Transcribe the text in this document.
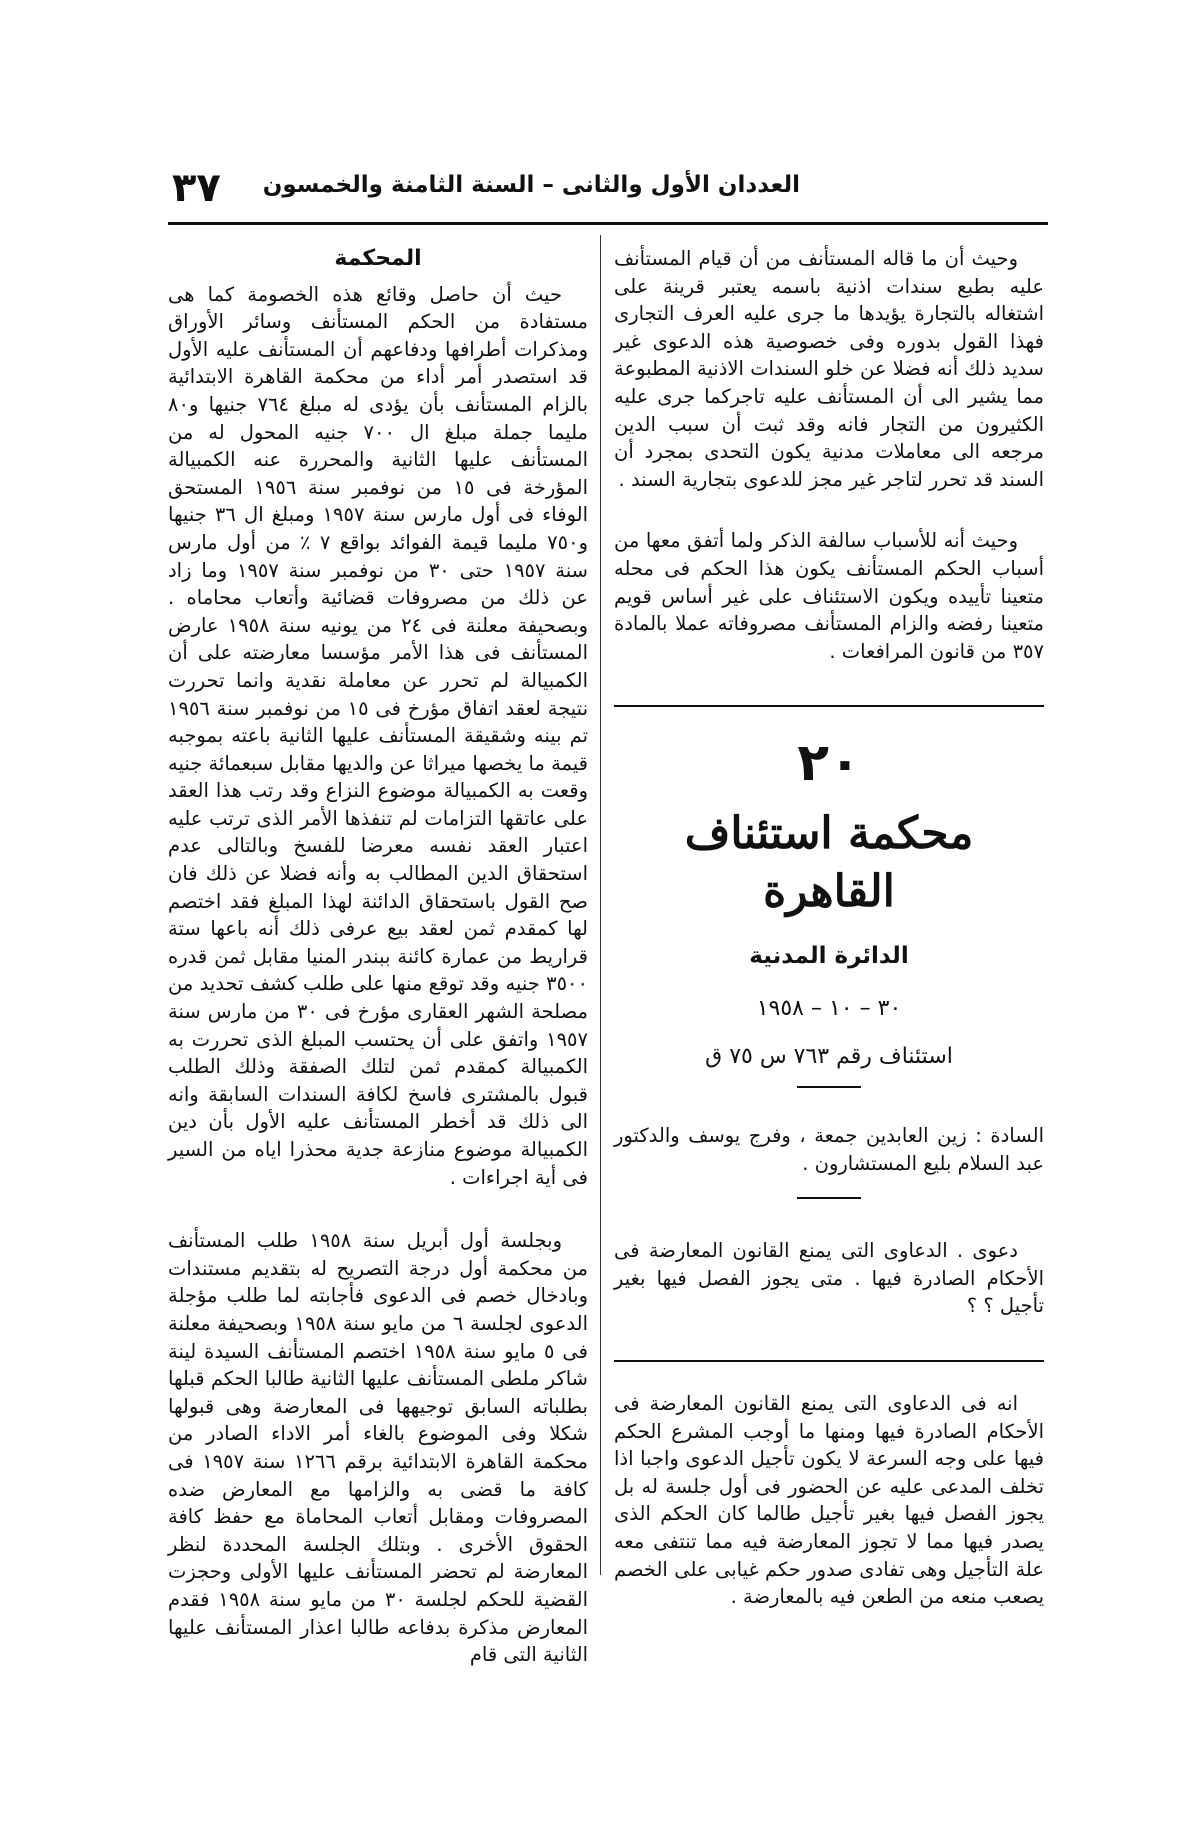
٣٧ العددان الأول والثانى – السنة الثامنة والخمسون

وحيث أن ما قاله المستأنف من أن قيام المستأنف عليه بطبع سندات اذنية باسمه يعتبر قرينة على اشتغاله بالتجارة يؤيدها ما جرى عليه العرف التجارى فهذا القول بدوره وفى خصوصية هذه الدعوى غير سديد ذلك أنه فضلا عن خلو السندات الاذنية المطبوعة مما يشير الى أن المستأنف عليه تاجركما جرى عليه الكثيرون من التجار فانه وقد ثبت أن سبب الدين مرجعه الى معاملات مدنية يكون التحدى بمجرد أن السند قد تحرر لتاجر غير مجز للدعوى بتجارية السند .

وحيث أنه للأسباب سالفة الذكر ولما أتفق معها من أسباب الحكم المستأنف يكون هذا الحكم فى محله متعينا تأييده ويكون الاستئناف على غير أساس قويم متعينا رفضه والزام المستأنف مصروفاته عملا بالمادة ٣٥٧ من قانون المرافعات .

٢٠
محكمة استئناف القاهرة
الدائرة المدنية
٣٠ – ١٠ – ١٩٥٨
استئناف رقم ٧٦٣ س ٧٥ ق

السادة : زين العابدين جمعة ، وفرج يوسف والدكتور عبد السلام بليع المستشارون .

دعوى . الدعاوى التى يمنع القانون المعارضة فى الأحكام الصادرة فيها . متى يجوز الفصل فيها بغير تأجيل ؟ ؟

انه فى الدعاوى التى يمنع القانون المعارضة فى الأحكام الصادرة فيها ومنها ما أوجب المشرع الحكم فيها على وجه السرعة لا يكون تأجيل الدعوى واجبا اذا تخلف المدعى عليه عن الحضور فى أول جلسة له بل يجوز الفصل فيها بغير تأجيل طالما كان الحكم الذى يصدر فيها مما لا تجوز المعارضة فيه مما تنتفى معه علة التأجيل وهى تفادى صدور حكم غيابى على الخصم يصعب منعه من الطعن فيه بالمعارضة .

المحكمة

حيث أن حاصل وقائع هذه الخصومة كما هى مستفادة من الحكم المستأنف وسائر الأوراق ومذكرات أطرافها ودفاعهم أن المستأنف عليه الأول قد استصدر أمر أداء من محكمة القاهرة الابتدائية بالزام المستأنف بأن يؤدى له مبلغ ٧٦٤ جنيها و٨٠ مليما جملة مبلغ ال ٧٠٠ جنيه المحول له من المستأنف عليها الثانية والمحررة عنه الكمبيالة المؤرخة فى ١٥ من نوفمبر سنة ١٩٥٦ المستحق الوفاء فى أول مارس سنة ١٩٥٧ ومبلغ ال ٣٦ جنيها و٧٥٠ مليما قيمة الفوائد بواقع ٧ ٪ من أول مارس سنة ١٩٥٧ حتى ٣٠ من نوفمبر سنة ١٩٥٧ وما زاد عن ذلك من مصروفات قضائية وأتعاب محاماه . وبصحيفة معلنة فى ٢٤ من يونيه سنة ١٩٥٨ عارض المستأنف فى هذا الأمر مؤسسا معارضته على أن الكمبيالة لم تحرر عن معاملة نقدية وانما تحررت نتيجة لعقد اتفاق مؤرخ فى ١٥ من نوفمبر سنة ١٩٥٦ تم بينه وشقيقة المستأنف عليها الثانية باعته بموجبه قيمة ما يخصها ميراثا عن والديها مقابل سبعمائة جنيه وقعت به الكمبيالة موضوع النزاع وقد رتب هذا العقد على عاتقها التزامات لم تنفذها الأمر الذى ترتب عليه اعتبار العقد نفسه معرضا للفسخ وبالتالى عدم استحقاق الدين المطالب به وأنه فضلا عن ذلك فان صح القول باستحقاق الدائنة لهذا المبلغ فقد اختصم لها كمقدم ثمن لعقد بيع عرفى ذلك أنه باعها ستة قراريط من عمارة كائنة ببندر المنيا مقابل ثمن قدره ٣٥٠٠ جنيه وقد توقع منها على طلب كشف تحديد من مصلحة الشهر العقارى مؤرخ فى ٣٠ من مارس سنة ١٩٥٧ واتفق على أن يحتسب المبلغ الذى تحررت به الكمبيالة كمقدم ثمن لتلك الصفقة وذلك الطلب قبول بالمشترى فاسخ لكافة السندات السابقة وانه الى ذلك قد أخطر المستأنف عليه الأول بأن دين الكمبيالة موضوع منازعة جدية محذرا اياه من السير فى أية اجراءات .

وبجلسة أول أبريل سنة ١٩٥٨ طلب المستأنف من محكمة أول درجة التصريح له بتقديم مستندات وبادخال خصم فى الدعوى فأجابته لما طلب مؤجلة الدعوى لجلسة ٦ من مايو سنة ١٩٥٨ وبصحيفة معلنة فى ٥ مايو سنة ١٩٥٨ اختصم المستأنف السيدة لينة شاكر ملطى المستأنف عليها الثانية طالبا الحكم قبلها بطلباته السابق توجيهها فى المعارضة وهى قبولها شكلا وفى الموضوع بالغاء أمر الاداء الصادر من محكمة القاهرة الابتدائية برقم ١٢٦٦ سنة ١٩٥٧ فى كافة ما قضى به والزامها مع المعارض ضده المصروفات ومقابل أتعاب المحاماة مع حفظ كافة الحقوق الأخرى . وبتلك الجلسة المحددة لنظر المعارضة لم تحضر المستأنف عليها الأولى وحجزت القضية للحكم لجلسة ٣٠ من مايو سنة ١٩٥٨ فقدم المعارض مذكرة بدفاعه طالبا اعذار المستأنف عليها الثانية التى قام
